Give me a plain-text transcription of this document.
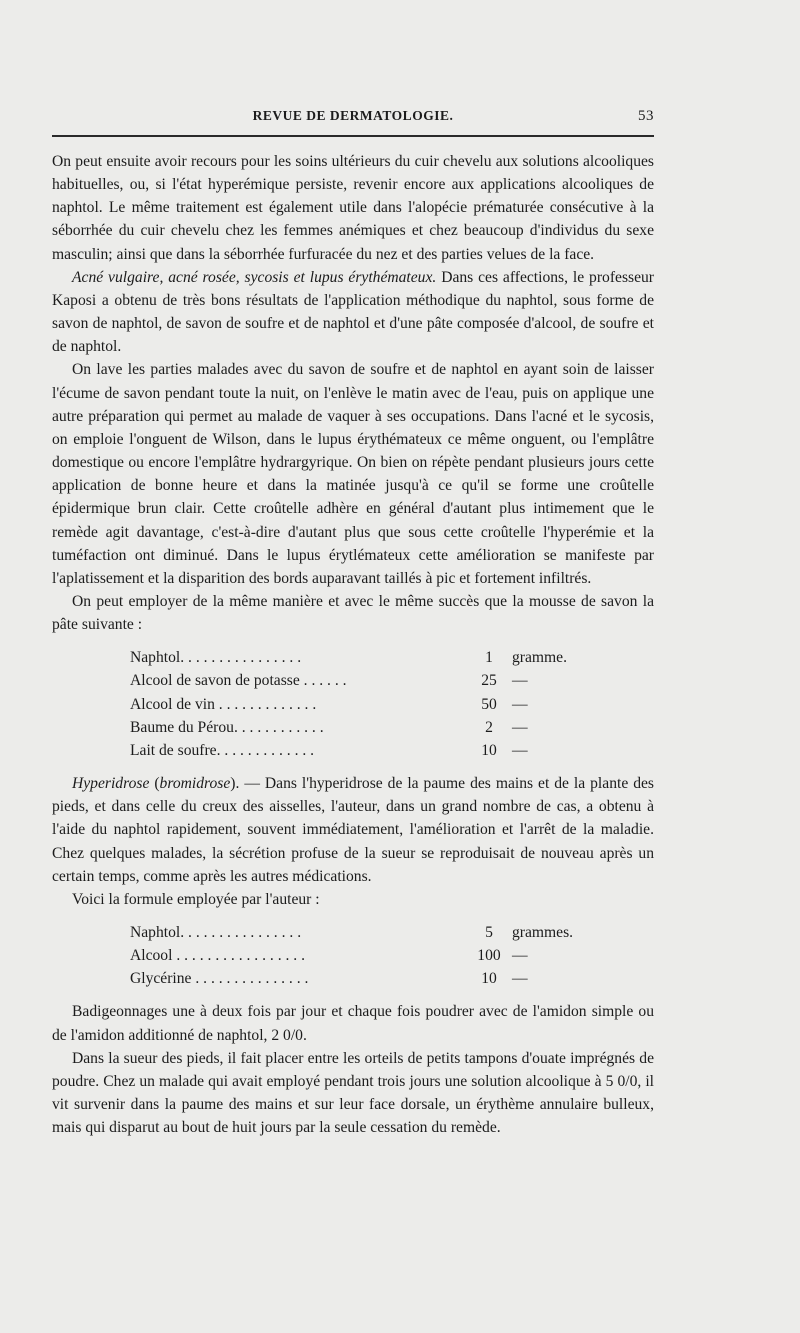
REVUE DE DERMATOLOGIE.	53

On peut ensuite avoir recours pour les soins ultérieurs du cuir chevelu aux solutions alcooliques habituelles, ou, si l'état hyperémique persiste, revenir encore aux applications alcooliques de naphtol. Le même traitement est également utile dans l'alopécie prématurée consécutive à la séborrhée du cuir chevelu chez les femmes anémiques et chez beaucoup d'individus du sexe masculin; ainsi que dans la séborrhée furfuracée du nez et des parties velues de la face.

Acné vulgaire, acné rosée, sycosis et lupus érythémateux. Dans ces affections, le professeur Kaposi a obtenu de très bons résultats de l'application méthodique du naphtol, sous forme de savon de naphtol, de savon de soufre et de naphtol et d'une pâte composée d'alcool, de soufre et de naphtol.

On lave les parties malades avec du savon de soufre et de naphtol en ayant soin de laisser l'écume de savon pendant toute la nuit, on l'enlève le matin avec de l'eau, puis on applique une autre préparation qui permet au malade de vaquer à ses occupations. Dans l'acné et le sycosis, on emploie l'onguent de Wilson, dans le lupus érythémateux ce même onguent, ou l'emplâtre domestique ou encore l'emplâtre hydrargyrique. On bien on répète pendant plusieurs jours cette application de bonne heure et dans la matinée jusqu'à ce qu'il se forme une croûtelle épidermique brun clair. Cette croûtelle adhère en général d'autant plus intimement que le remède agit davantage, c'est-à-dire d'autant plus que sous cette croûtelle l'hyperémie et la tuméfaction ont diminué. Dans le lupus érytlémateux cette amélioration se manifeste par l'aplatissement et la disparition des bords auparavant taillés à pic et fortement infiltrés.

On peut employer de la même manière et avec le même succès que la mousse de savon la pâte suivante :

Naphtol. . . . . . . . . . . . . . . .	1	gramme.

Alcool de savon de potasse . . . . . .	25	—

Alcool de vin . . . . . . . . . . . . .	50	—

Baume du Pérou. . . . . . . . . . . .	2	—

Lait de soufre. . . . . . . . . . . . .	10	—

Hyperidrose (bromidrose). — Dans l'hyperidrose de la paume des mains et de la plante des pieds, et dans celle du creux des aisselles, l'auteur, dans un grand nombre de cas, a obtenu à l'aide du naphtol rapidement, souvent immédiatement, l'amélioration et l'arrêt de la maladie. Chez quelques malades, la sécrétion profuse de la sueur se reproduisait de nouveau après un certain temps, comme après les autres médications.

Voici la formule employée par l'auteur :

Naphtol. . . . . . . . . . . . . . . .	5	grammes.

Alcool . . . . . . . . . . . . . . . . .	100	—

Glycérine . . . . . . . . . . . . . . .	10	—

Badigeonnages une à deux fois par jour et chaque fois poudrer avec de l'amidon simple ou de l'amidon additionné de naphtol, 2 0/0.

Dans la sueur des pieds, il fait placer entre les orteils de petits tampons d'ouate imprégnés de poudre. Chez un malade qui avait employé pendant trois jours une solution alcoolique à 5 0/0, il vit survenir dans la paume des mains et sur leur face dorsale, un érythème annulaire bulleux, mais qui disparut au bout de huit jours par la seule cessation du remède.
